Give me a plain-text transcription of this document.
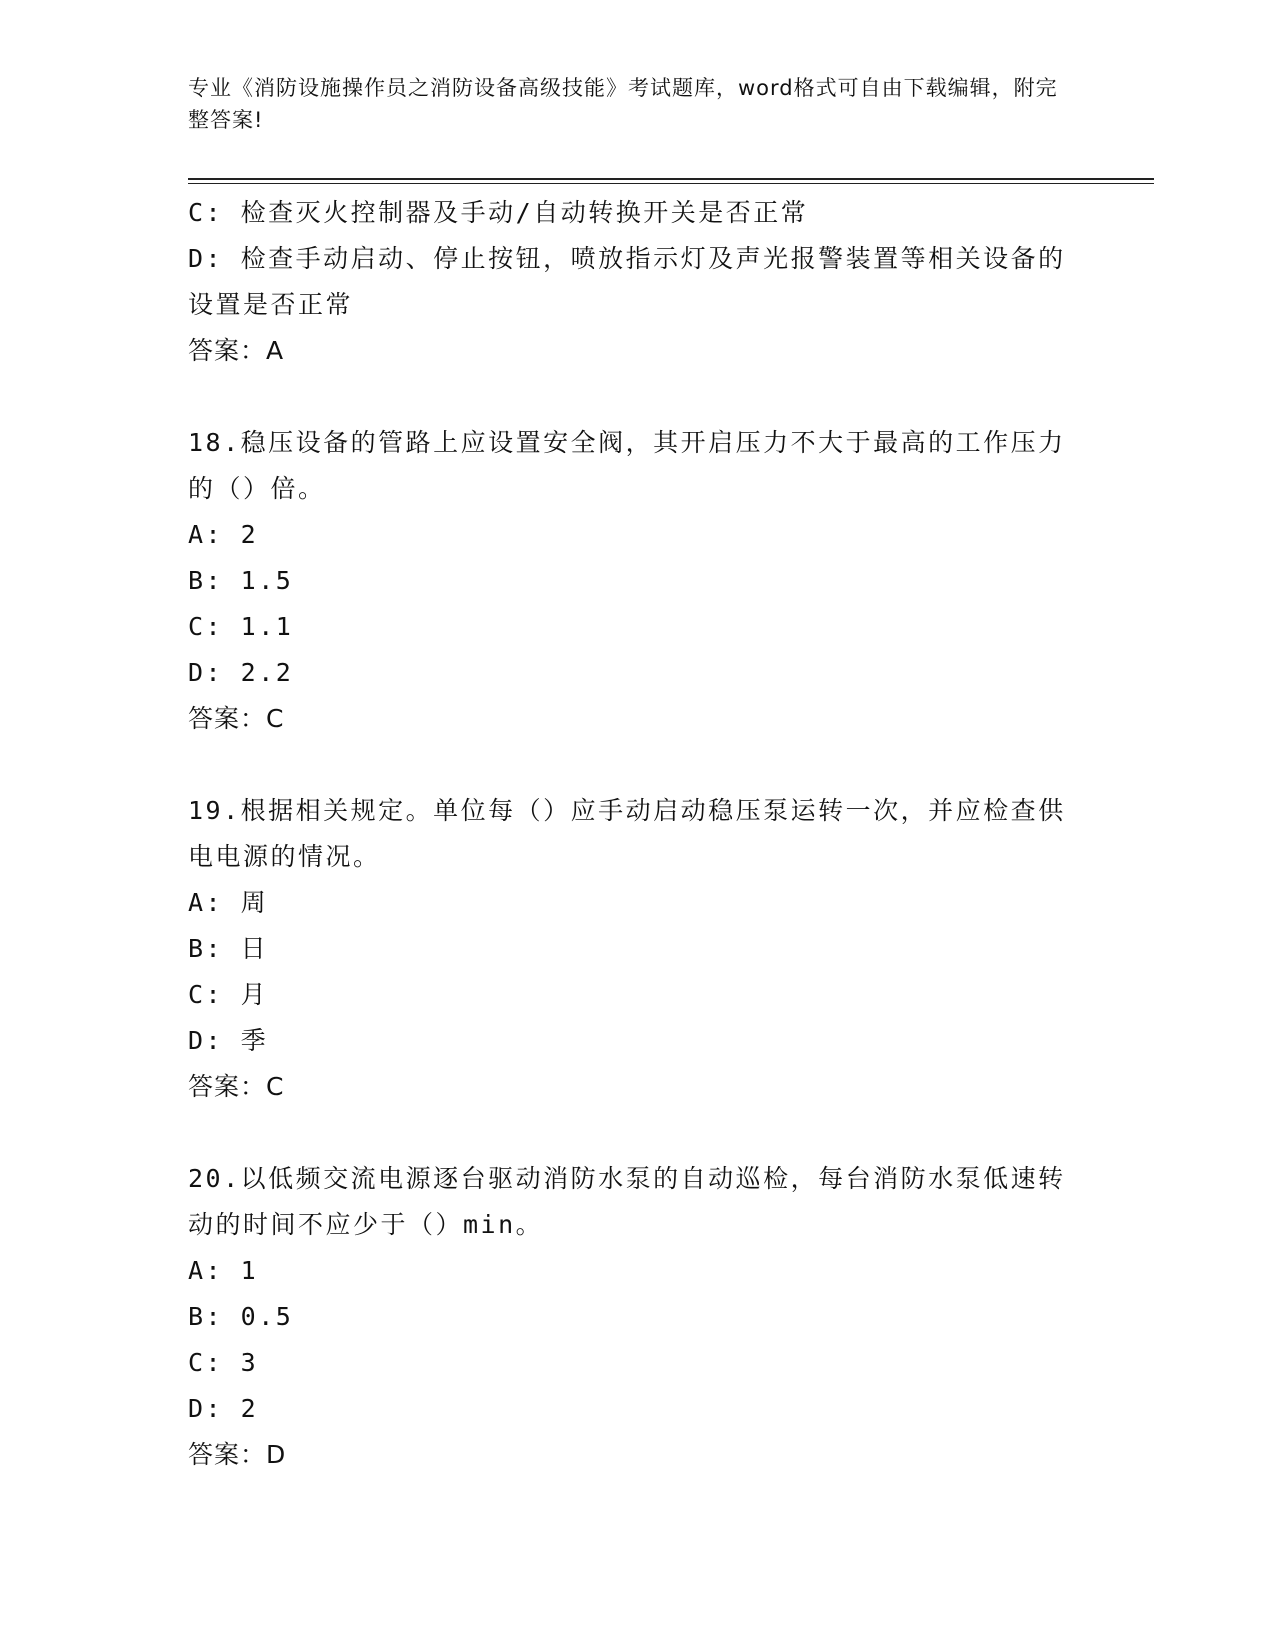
专业《消防设施操作员之消防设备高级技能》考试题库，word格式可自由下载编辑，附完整答案!
C: 检查灭火控制器及手动/自动转换开关是否正常
D: 检查手动启动、停止按钮，喷放指示灯及声光报警装置等相关设备的设置是否正常
答案：A
18.稳压设备的管路上应设置安全阀，其开启压力不大于最高的工作压力的（）倍。
A: 2
B: 1.5
C: 1.1
D: 2.2
答案：C
19.根据相关规定。单位每（）应手动启动稳压泵运转一次，并应检查供电电源的情况。
A: 周
B: 日
C: 月
D: 季
答案：C
20.以低频交流电源逐台驱动消防水泵的自动巡检，每台消防水泵低速转动的时间不应少于（）min。
A: 1
B: 0.5
C: 3
D: 2
答案：D
